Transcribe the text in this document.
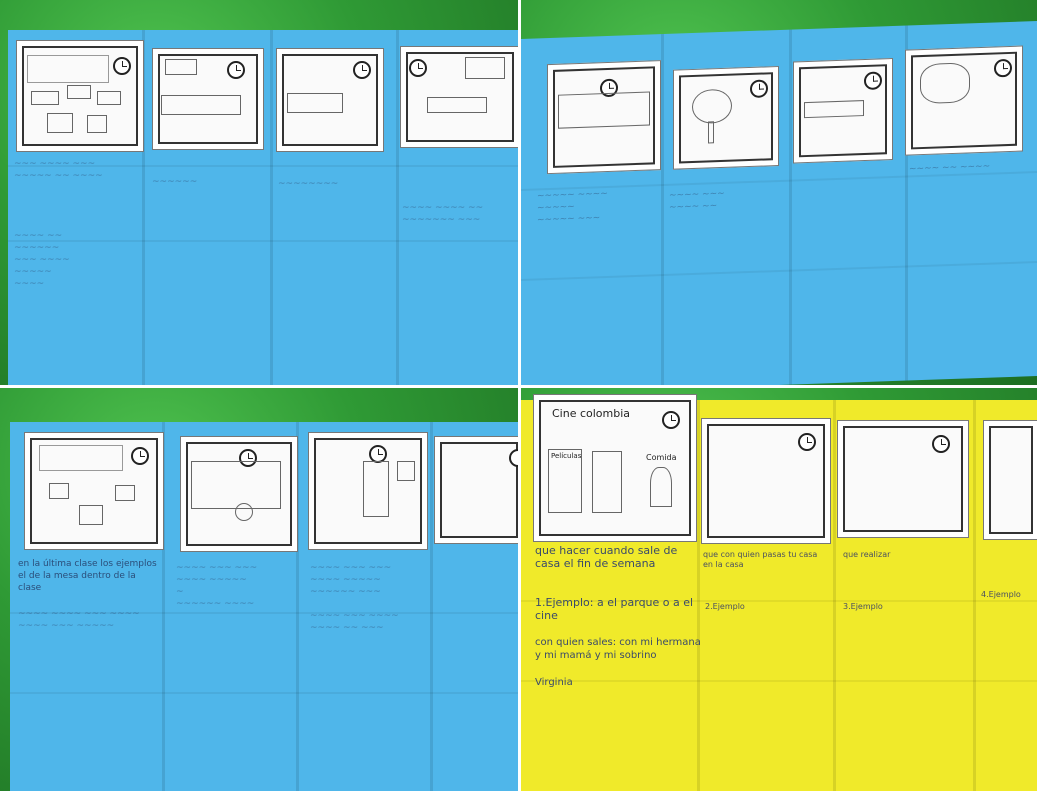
~~~ ~~~~ ~~~
~~~~~ ~~ ~~~~
~~~~~~	~~~~~~~~
~~~~ ~~~~ ~~
~~~~~~~ ~~~
~~~~ ~~
~~~~~~
~~~ ~~~~
~~~~~
~~~~
~~~~~ ~~~~
~~~~~
~~~~~ ~~~
~~~~ ~~~
~~~~ ~~
~~~~ ~~ ~~~~
en la última clase los ejemplos el de la mesa dentro de la clase
~~~~ ~~~~ ~~~ ~~~~
~~~~ ~~~ ~~~~~
~~~~ ~~~ ~~~
~~~~ ~~~~~
~
~~~~~~ ~~~~
~~~~ ~~~ ~~~
~~~~ ~~~~~
~~~~~~ ~~~

~~~~ ~~~ ~~~~
~~~~ ~~ ~~~
Cine colombia
Películas	Comida
que hacer cuando sale de casa el fin de semana
que con quien pasas tu casa en la casa
que realizar
1.Ejemplo: a el parque o a el cine
2.Ejemplo	3.Ejemplo
4.Ejemplo
con quien sales: con mi hermana y mi mamá y mi sobrino
Virginia
